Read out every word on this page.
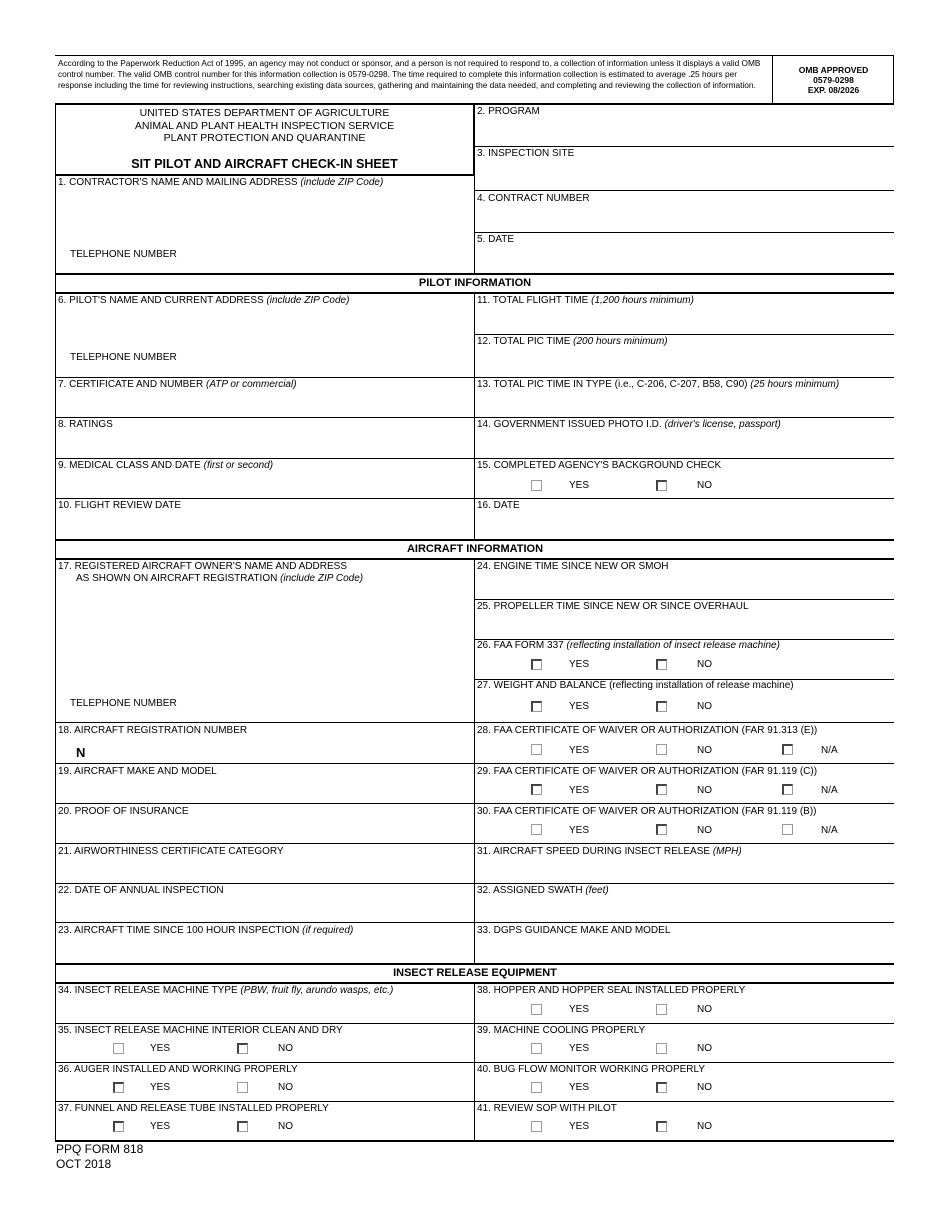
According to the Paperwork Reduction Act of 1995, an agency may not conduct or sponsor, and a person is not required to respond to, a collection of information unless it displays a valid OMB control number. The valid OMB control number for this information collection is 0579-0298. The time required to complete this information collection is estimated to average .25 hours per response including the time for reviewing instructions, searching existing data sources, gathering and maintaining the data needed, and completing and reviewing the collection of information.
OMB APPROVED
0579-0298
EXP. 08/2026
UNITED STATES DEPARTMENT OF AGRICULTURE
ANIMAL AND PLANT HEALTH INSPECTION SERVICE
PLANT PROTECTION AND QUARANTINE
SIT PILOT AND AIRCRAFT CHECK-IN SHEET
1. CONTRACTOR'S NAME AND MAILING ADDRESS (include ZIP Code)
TELEPHONE NUMBER
2. PROGRAM
3. INSPECTION SITE
4. CONTRACT NUMBER
5. DATE
PILOT INFORMATION
6. PILOT'S NAME AND CURRENT ADDRESS (include ZIP Code)
TELEPHONE NUMBER
7. CERTIFICATE AND NUMBER (ATP or commercial)
8. RATINGS
9. MEDICAL CLASS AND DATE (first or second)
10. FLIGHT REVIEW DATE
11. TOTAL FLIGHT TIME (1,200 hours minimum)
12. TOTAL PIC TIME (200 hours minimum)
13. TOTAL PIC TIME IN TYPE (i.e., C-206, C-207, B58, C90) (25 hours minimum)
14. GOVERNMENT ISSUED PHOTO I.D. (driver's license, passport)
15. COMPLETED AGENCY'S BACKGROUND CHECK
YES	NO
16. DATE
AIRCRAFT INFORMATION
17. REGISTERED AIRCRAFT OWNER'S NAME AND ADDRESS
AS SHOWN ON AIRCRAFT REGISTRATION (include ZIP Code)
TELEPHONE NUMBER
18. AIRCRAFT REGISTRATION NUMBER
N
19. AIRCRAFT MAKE AND MODEL
20. PROOF OF INSURANCE
21. AIRWORTHINESS CERTIFICATE CATEGORY
22. DATE OF ANNUAL INSPECTION
23. AIRCRAFT TIME SINCE 100 HOUR INSPECTION (if required)
24. ENGINE TIME SINCE NEW OR SMOH
25. PROPELLER TIME SINCE NEW OR SINCE OVERHAUL
26. FAA FORM 337 (reflecting installation of insect release machine)
YES	NO
27. WEIGHT AND BALANCE (reflecting installation of release machine)
YES	NO
28. FAA CERTIFICATE OF WAIVER OR AUTHORIZATION (FAR 91.313 (E))
YES	NO	N/A
29. FAA CERTIFICATE OF WAIVER OR AUTHORIZATION (FAR 91.119 (C))
YES	NO	N/A
30. FAA CERTIFICATE OF WAIVER OR AUTHORIZATION (FAR 91.119 (B))
YES	NO	N/A
31. AIRCRAFT SPEED DURING INSECT RELEASE (MPH)
32. ASSIGNED SWATH (feet)
33. DGPS GUIDANCE MAKE AND MODEL
INSECT RELEASE EQUIPMENT
34. INSECT RELEASE MACHINE TYPE (PBW, fruit fly, arundo wasps, etc.)
35. INSECT RELEASE MACHINE INTERIOR CLEAN AND DRY
YES	NO
36. AUGER INSTALLED AND WORKING PROPERLY
YES	NO
37. FUNNEL AND RELEASE TUBE INSTALLED PROPERLY
YES	NO
38. HOPPER AND HOPPER SEAL INSTALLED PROPERLY
YES	NO
39. MACHINE COOLING PROPERLY
YES	NO
40. BUG FLOW MONITOR WORKING PROPERLY
YES	NO
41. REVIEW SOP WITH PILOT
YES	NO
PPQ FORM 818
OCT 2018
